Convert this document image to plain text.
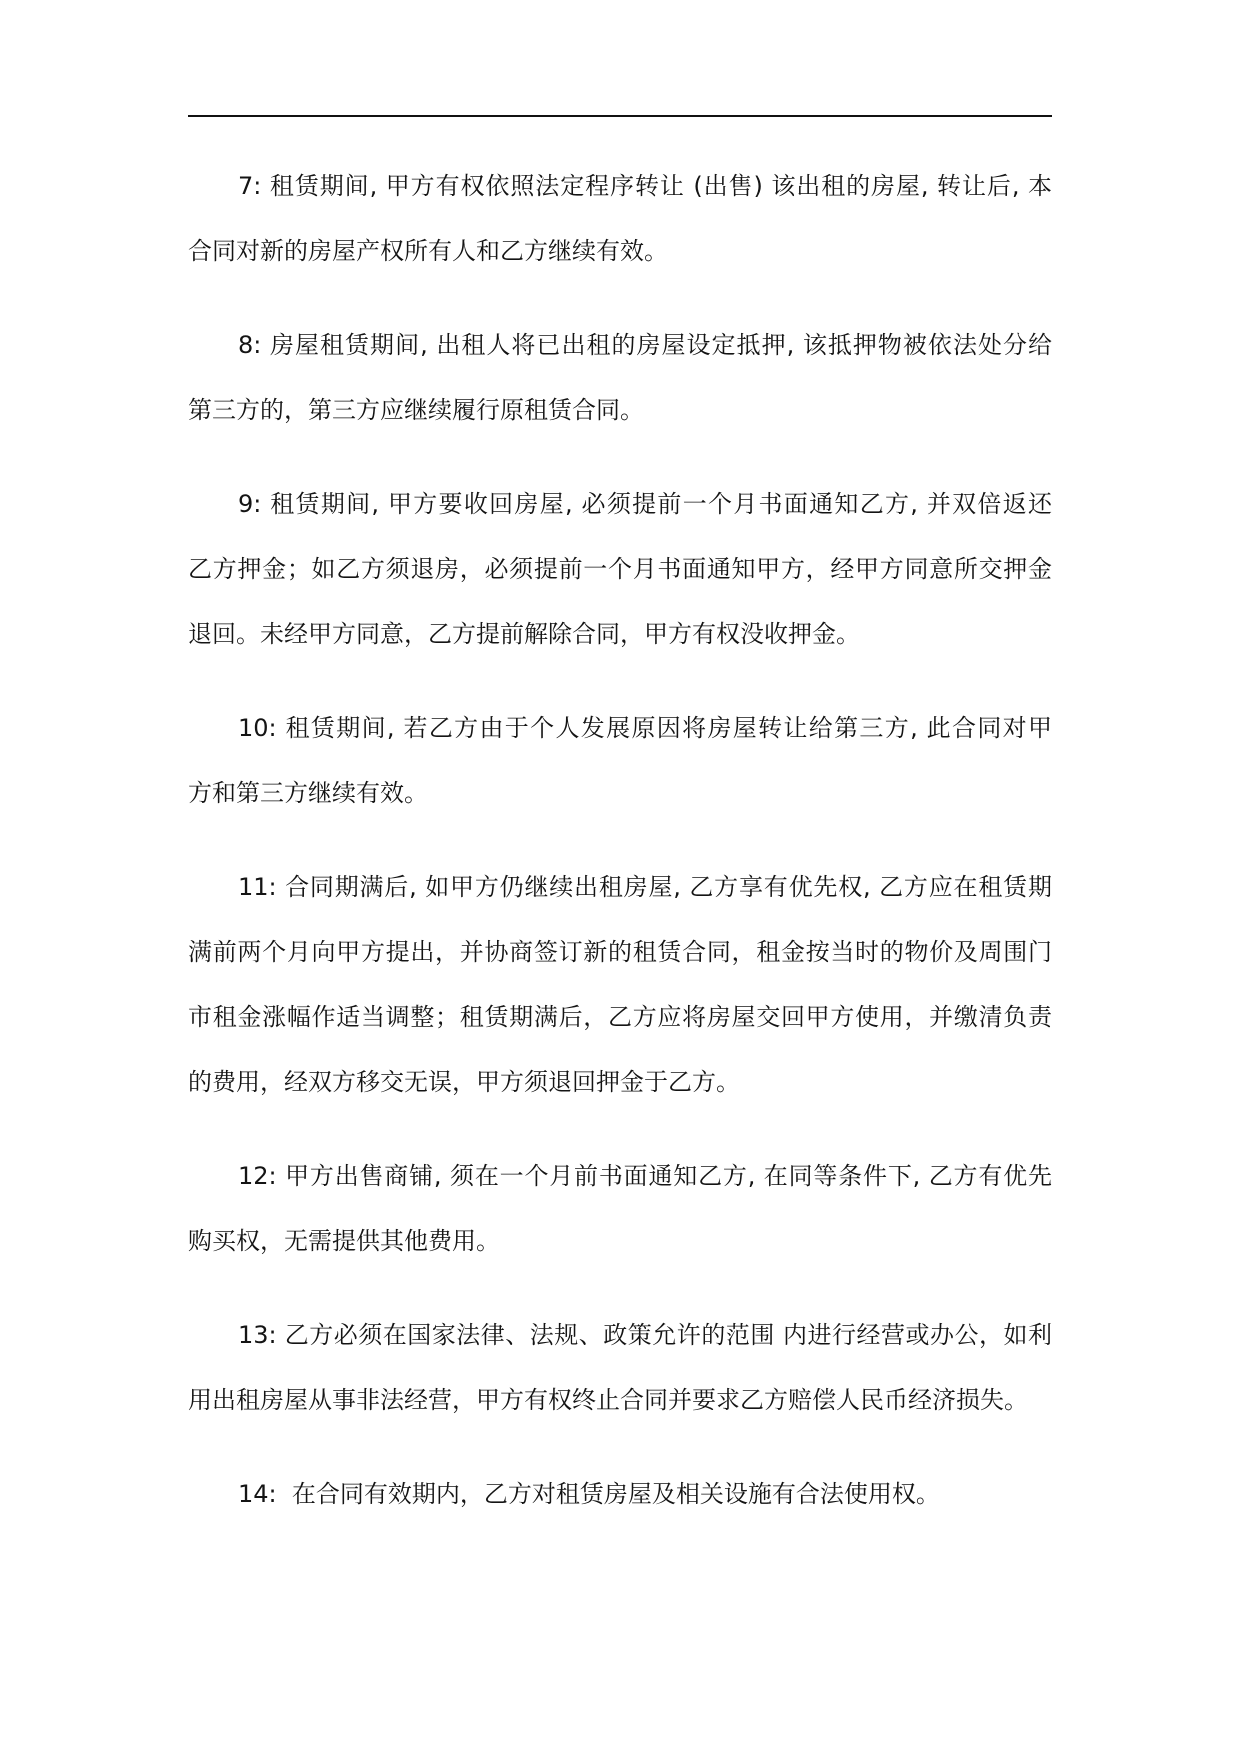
7: 租赁期间, 甲方有权依照法定程序转让 (出售) 该出租的房屋, 转让后, 本
合同对新的房屋产权所有人和乙方继续有效。
8: 房屋租赁期间, 出租人将已出租的房屋设定抵押, 该抵押物被依法处分给
第三方的，第三方应继续履行原租赁合同。
9: 租赁期间, 甲方要收回房屋, 必须提前一个月书面通知乙方, 并双倍返还
乙方押金；如乙方须退房，必须提前一个月书面通知甲方，经甲方同意所交押金
退回。未经甲方同意，乙方提前解除合同，甲方有权没收押金。
10: 租赁期间, 若乙方由于个人发展原因将房屋转让给第三方, 此合同对甲
方和第三方继续有效。
11: 合同期满后, 如甲方仍继续出租房屋, 乙方享有优先权, 乙方应在租赁期
满前两个月向甲方提出，并协商签订新的租赁合同，租金按当时的物价及周围门
市租金涨幅作适当调整；租赁期满后，乙方应将房屋交回甲方使用，并缴清负责
的费用，经双方移交无误，甲方须退回押金于乙方。
12: 甲方出售商铺, 须在一个月前书面通知乙方, 在同等条件下, 乙方有优先
购买权，无需提供其他费用。
13: 乙方必须在国家法律、法规、政策允许的范围 内进行经营或办公，如利
用出租房屋从事非法经营，甲方有权终止合同并要求乙方赔偿人民币经济损失。
14:  在合同有效期内，乙方对租赁房屋及相关设施有合法使用权。
